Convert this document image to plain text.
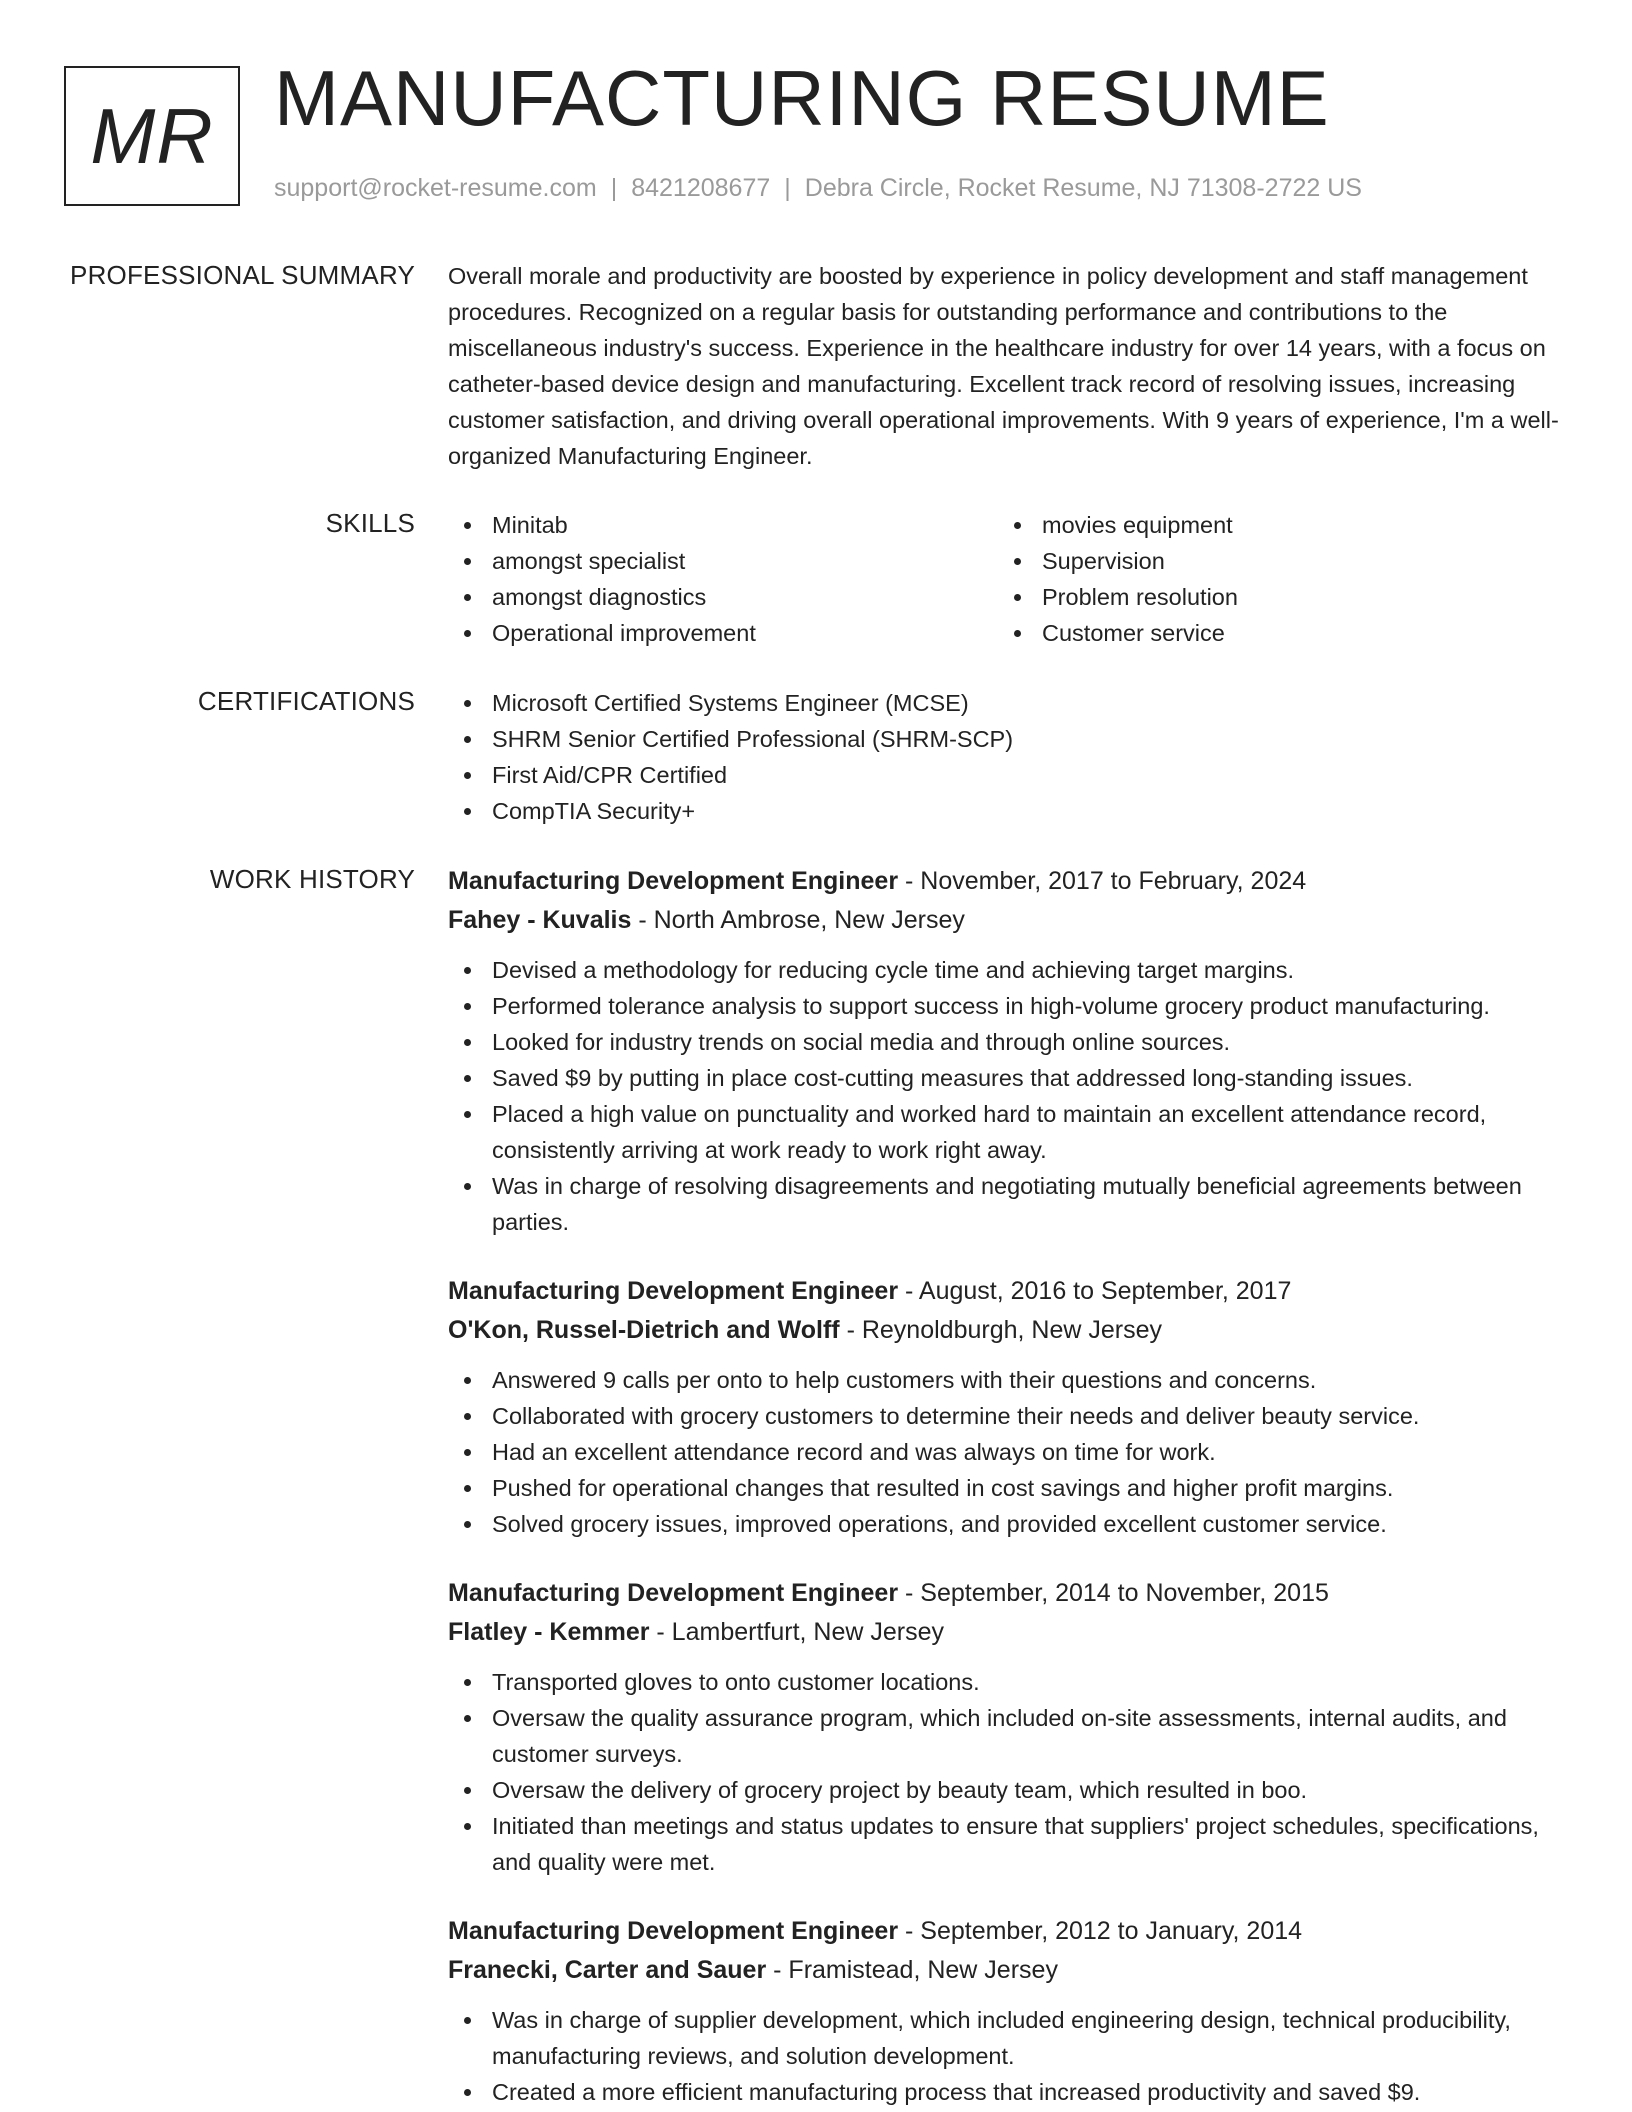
MR MANUFACTURING RESUME
support@rocket-resume.com | 8421208677 | Debra Circle, Rocket Resume, NJ 71308-2722 US
PROFESSIONAL SUMMARY Overall morale and productivity are boosted by experience in policy development and staff management procedures. Recognized on a regular basis for outstanding performance and contributions to the miscellaneous industry's success. Experience in the healthcare industry for over 14 years, with a focus on catheter-based device design and manufacturing. Excellent track record of resolving issues, increasing customer satisfaction, and driving overall operational improvements. With 9 years of experience, I'm a well-organized Manufacturing Engineer.

SKILLS	Minitab
amongst specialist
amongst diagnostics
Operational improvement
movies equipment
Supervision
Problem resolution
Customer service
CERTIFICATIONS	Microsoft Certified Systems Engineer (MCSE)
SHRM Senior Certified Professional (SHRM-SCP)
First Aid/CPR Certified
CompTIA Security+
WORK HISTORY Manufacturing Development Engineer - November, 2017 to February, 2024
Fahey - Kuvalis - North Ambrose, New Jersey
Devised a methodology for reducing cycle time and achieving target margins.
Performed tolerance analysis to support success in high-volume grocery product manufacturing.
Looked for industry trends on social media and through online sources.
Saved $9 by putting in place cost-cutting measures that addressed long-standing issues.
Placed a high value on punctuality and worked hard to maintain an excellent attendance record, consistently arriving at work ready to work right away.
Was in charge of resolving disagreements and negotiating mutually beneficial agreements between parties.
Manufacturing Development Engineer - August, 2016 to September, 2017
O'Kon, Russel-Dietrich and Wolff - Reynoldburgh, New Jersey
Answered 9 calls per onto to help customers with their questions and concerns.
Collaborated with grocery customers to determine their needs and deliver beauty service.
Had an excellent attendance record and was always on time for work.
Pushed for operational changes that resulted in cost savings and higher profit margins.
Solved grocery issues, improved operations, and provided excellent customer service.
Manufacturing Development Engineer - September, 2014 to November, 2015
Flatley - Kemmer - Lambertfurt, New Jersey
Transported gloves to onto customer locations.
Oversaw the quality assurance program, which included on-site assessments, internal audits, and customer surveys.
Oversaw the delivery of grocery project by beauty team, which resulted in boo.
Initiated than meetings and status updates to ensure that suppliers' project schedules, specifications, and quality were met.
Manufacturing Development Engineer - September, 2012 to January, 2014
Franecki, Carter and Sauer - Framistead, New Jersey
Was in charge of supplier development, which included engineering design, technical producibility, manufacturing reviews, and solution development.
Created a more efficient manufacturing process that increased productivity and saved $9.
